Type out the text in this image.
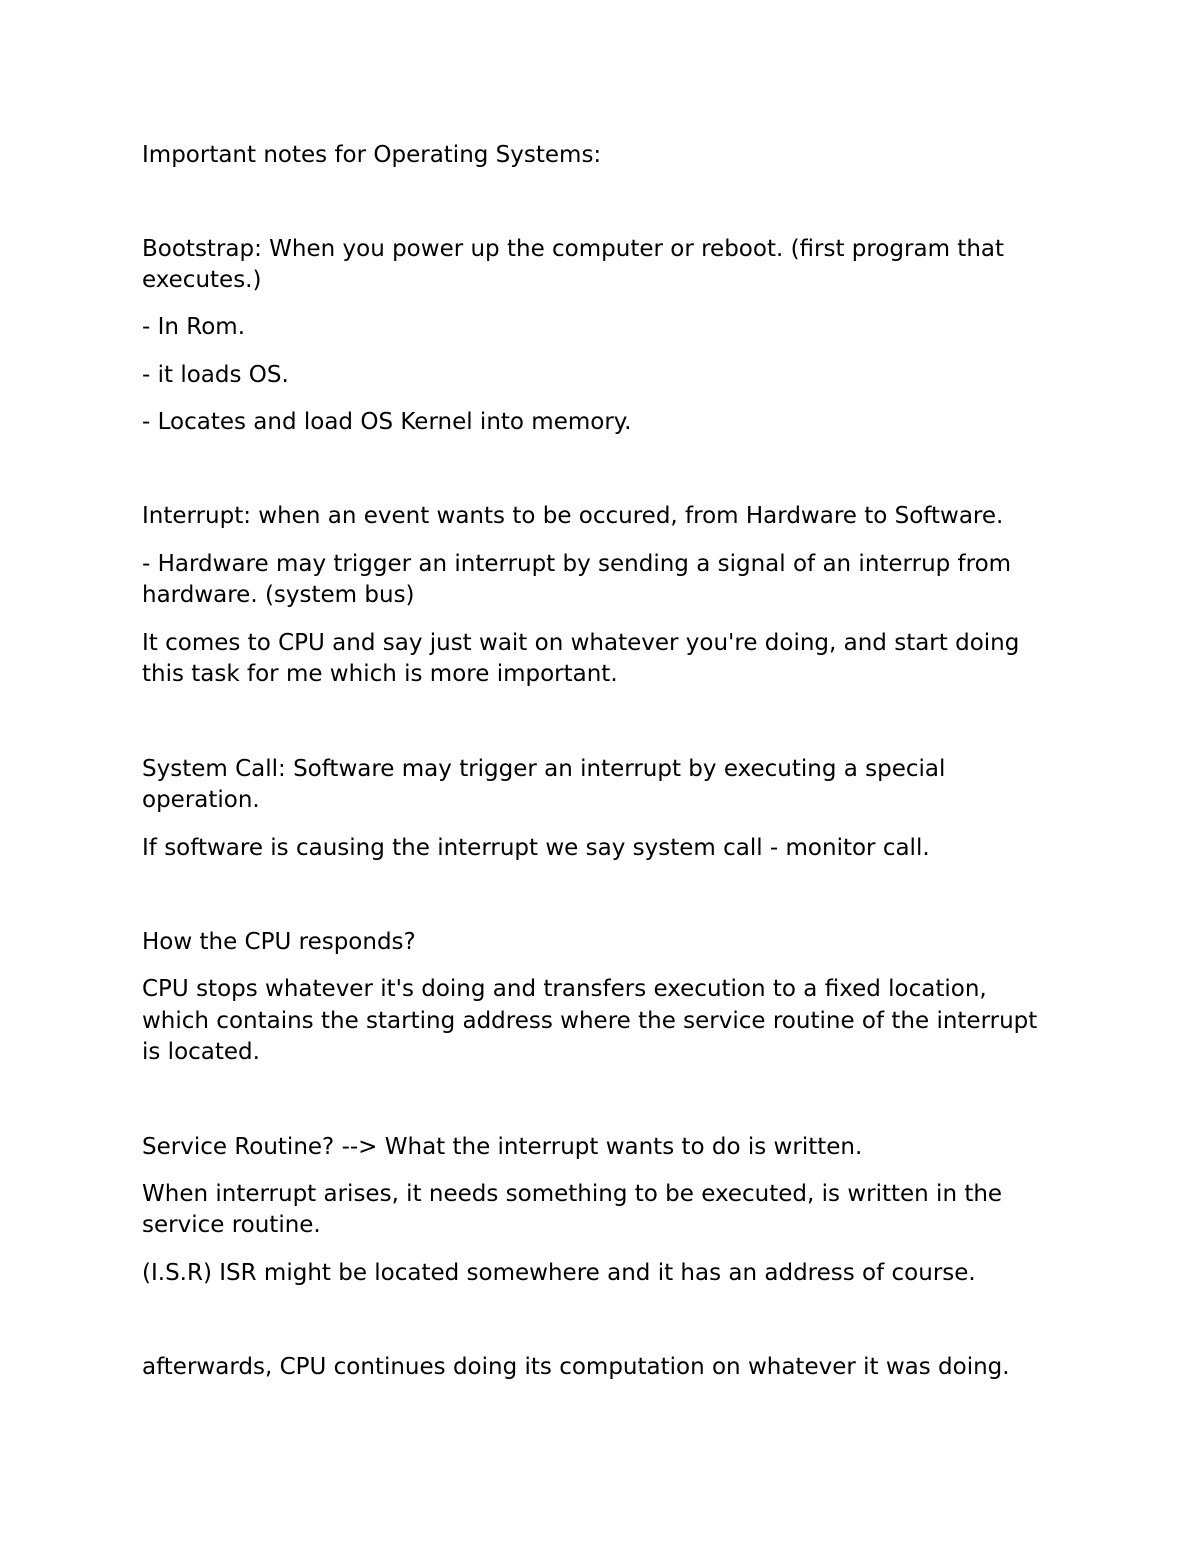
Important notes for Operating Systems:

Bootstrap: When you power up the computer or reboot. (first program that

executes.)

- In Rom.

- it loads OS.

- Locates and load OS Kernel into memory.

Interrupt: when an event wants to be occured, from Hardware to Software.

- Hardware may trigger an interrupt by sending a signal of an interrup from

hardware. (system bus)

It comes to CPU and say just wait on whatever you're doing, and start doing

this task for me which is more important.

System Call: Software may trigger an interrupt by executing a special

operation.

If software is causing the interrupt we say system call - monitor call.

How the CPU responds?

CPU stops whatever it's doing and transfers execution to a fixed location,

which contains the starting address where the service routine of the interrupt

is located.

Service Routine? --> What the interrupt wants to do is written.

When interrupt arises, it needs something to be executed, is written in the

service routine.

(I.S.R) ISR might be located somewhere and it has an address of course.

afterwards, CPU continues doing its computation on whatever it was doing.
